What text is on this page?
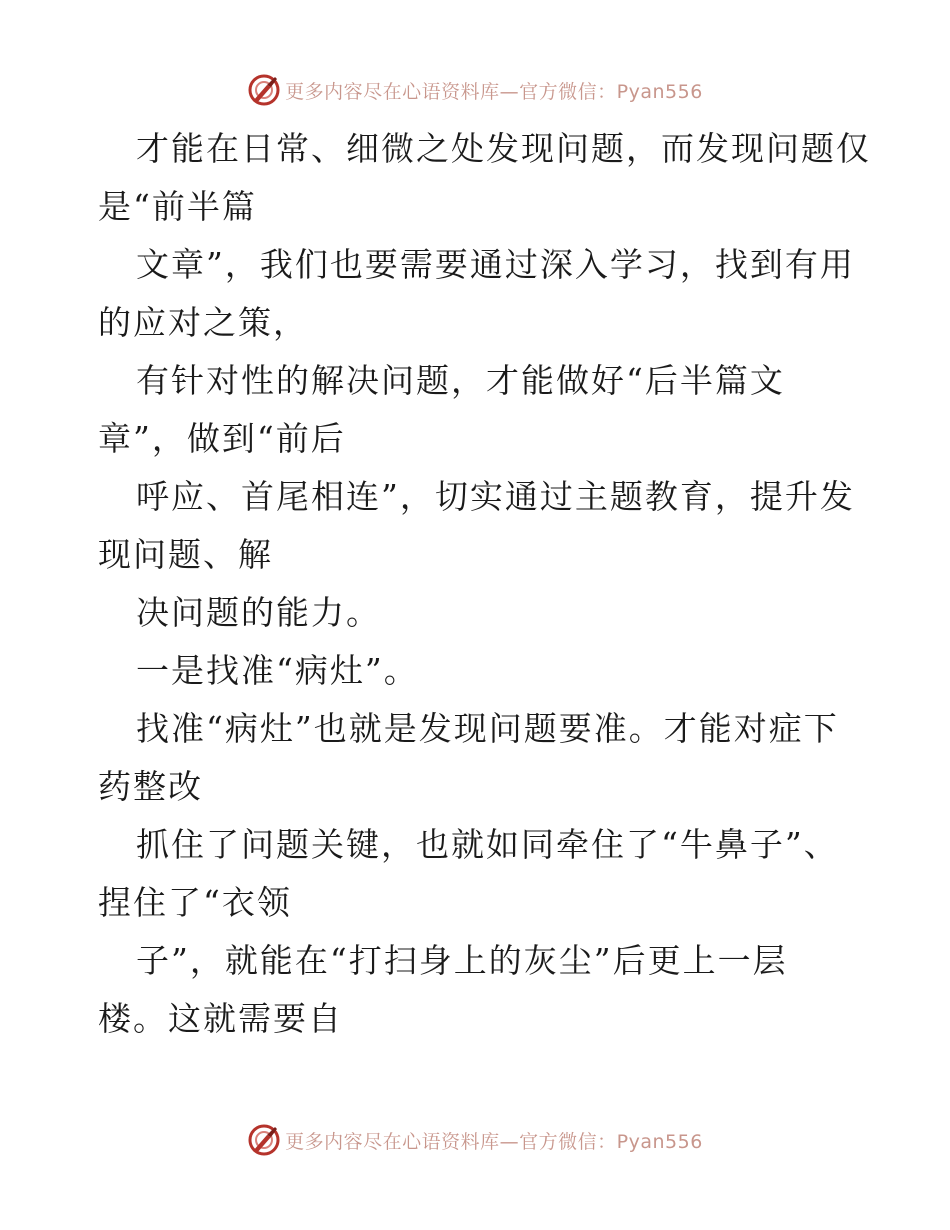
更多内容尽在心语资料库—官方微信：Pyan556

才能在日常、细微之处发现问题，而发现问题仅

是“前半篇

文章”，我们也要需要通过深入学习，找到有用

的应对之策，

有针对性的解决问题，才能做好“后半篇文

章”，做到“前后

呼应、首尾相连”，切实通过主题教育，提升发

现问题、解

决问题的能力。

一是找准“病灶”。

找准“病灶”也就是发现问题要准。才能对症下

药整改

抓住了问题关键，也就如同牵住了“牛鼻子”、

捏住了“衣领

子”，就能在“打扫身上的灰尘”后更上一层

楼。这就需要自

更多内容尽在心语资料库—官方微信：Pyan556
